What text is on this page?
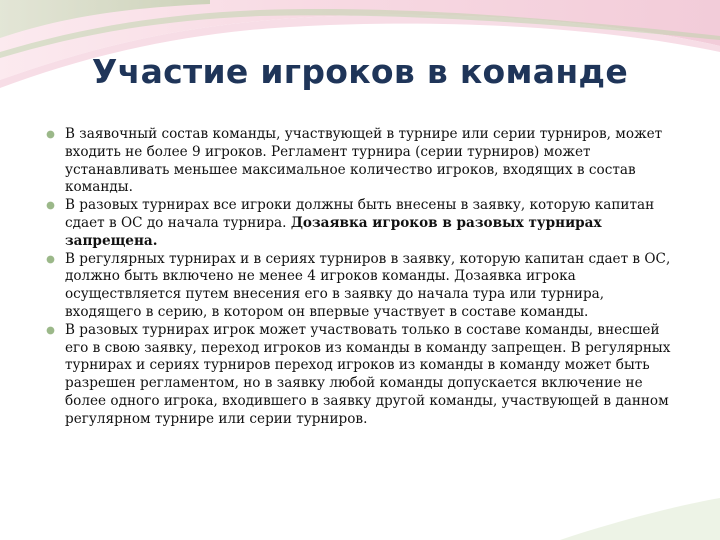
Участие игроков в команде
В заявочный состав команды, участвующей в турнире или серии турниров, может входить не более 9 игроков. Регламент турнира (серии турниров) может устанавливать меньшее максимальное количество игроков, входящих в состав команды.
В разовых турнирах все игроки должны быть внесены в заявку, которую капитан сдает в ОС до начала турнира. Дозаявка игроков в разовых турнирах запрещена.
В регулярных турнирах и в сериях турниров в заявку, которую капитан сдает в ОС, должно быть включено не менее 4 игроков команды. Дозаявка игрока осуществляется путем внесения его в заявку до начала тура или турнира, входящего в серию, в котором он впервые участвует в составе команды.
В разовых турнирах игрок может участвовать только в составе команды, внесшей его в свою заявку, переход игроков из команды в команду запрещен. В регулярных турнирах и сериях турниров переход игроков из команды в команду может быть разрешен регламентом, но в заявку любой команды допускается включение не более одного игрока, входившего в заявку другой команды, участвующей в данном регулярном турнире или серии турниров.
